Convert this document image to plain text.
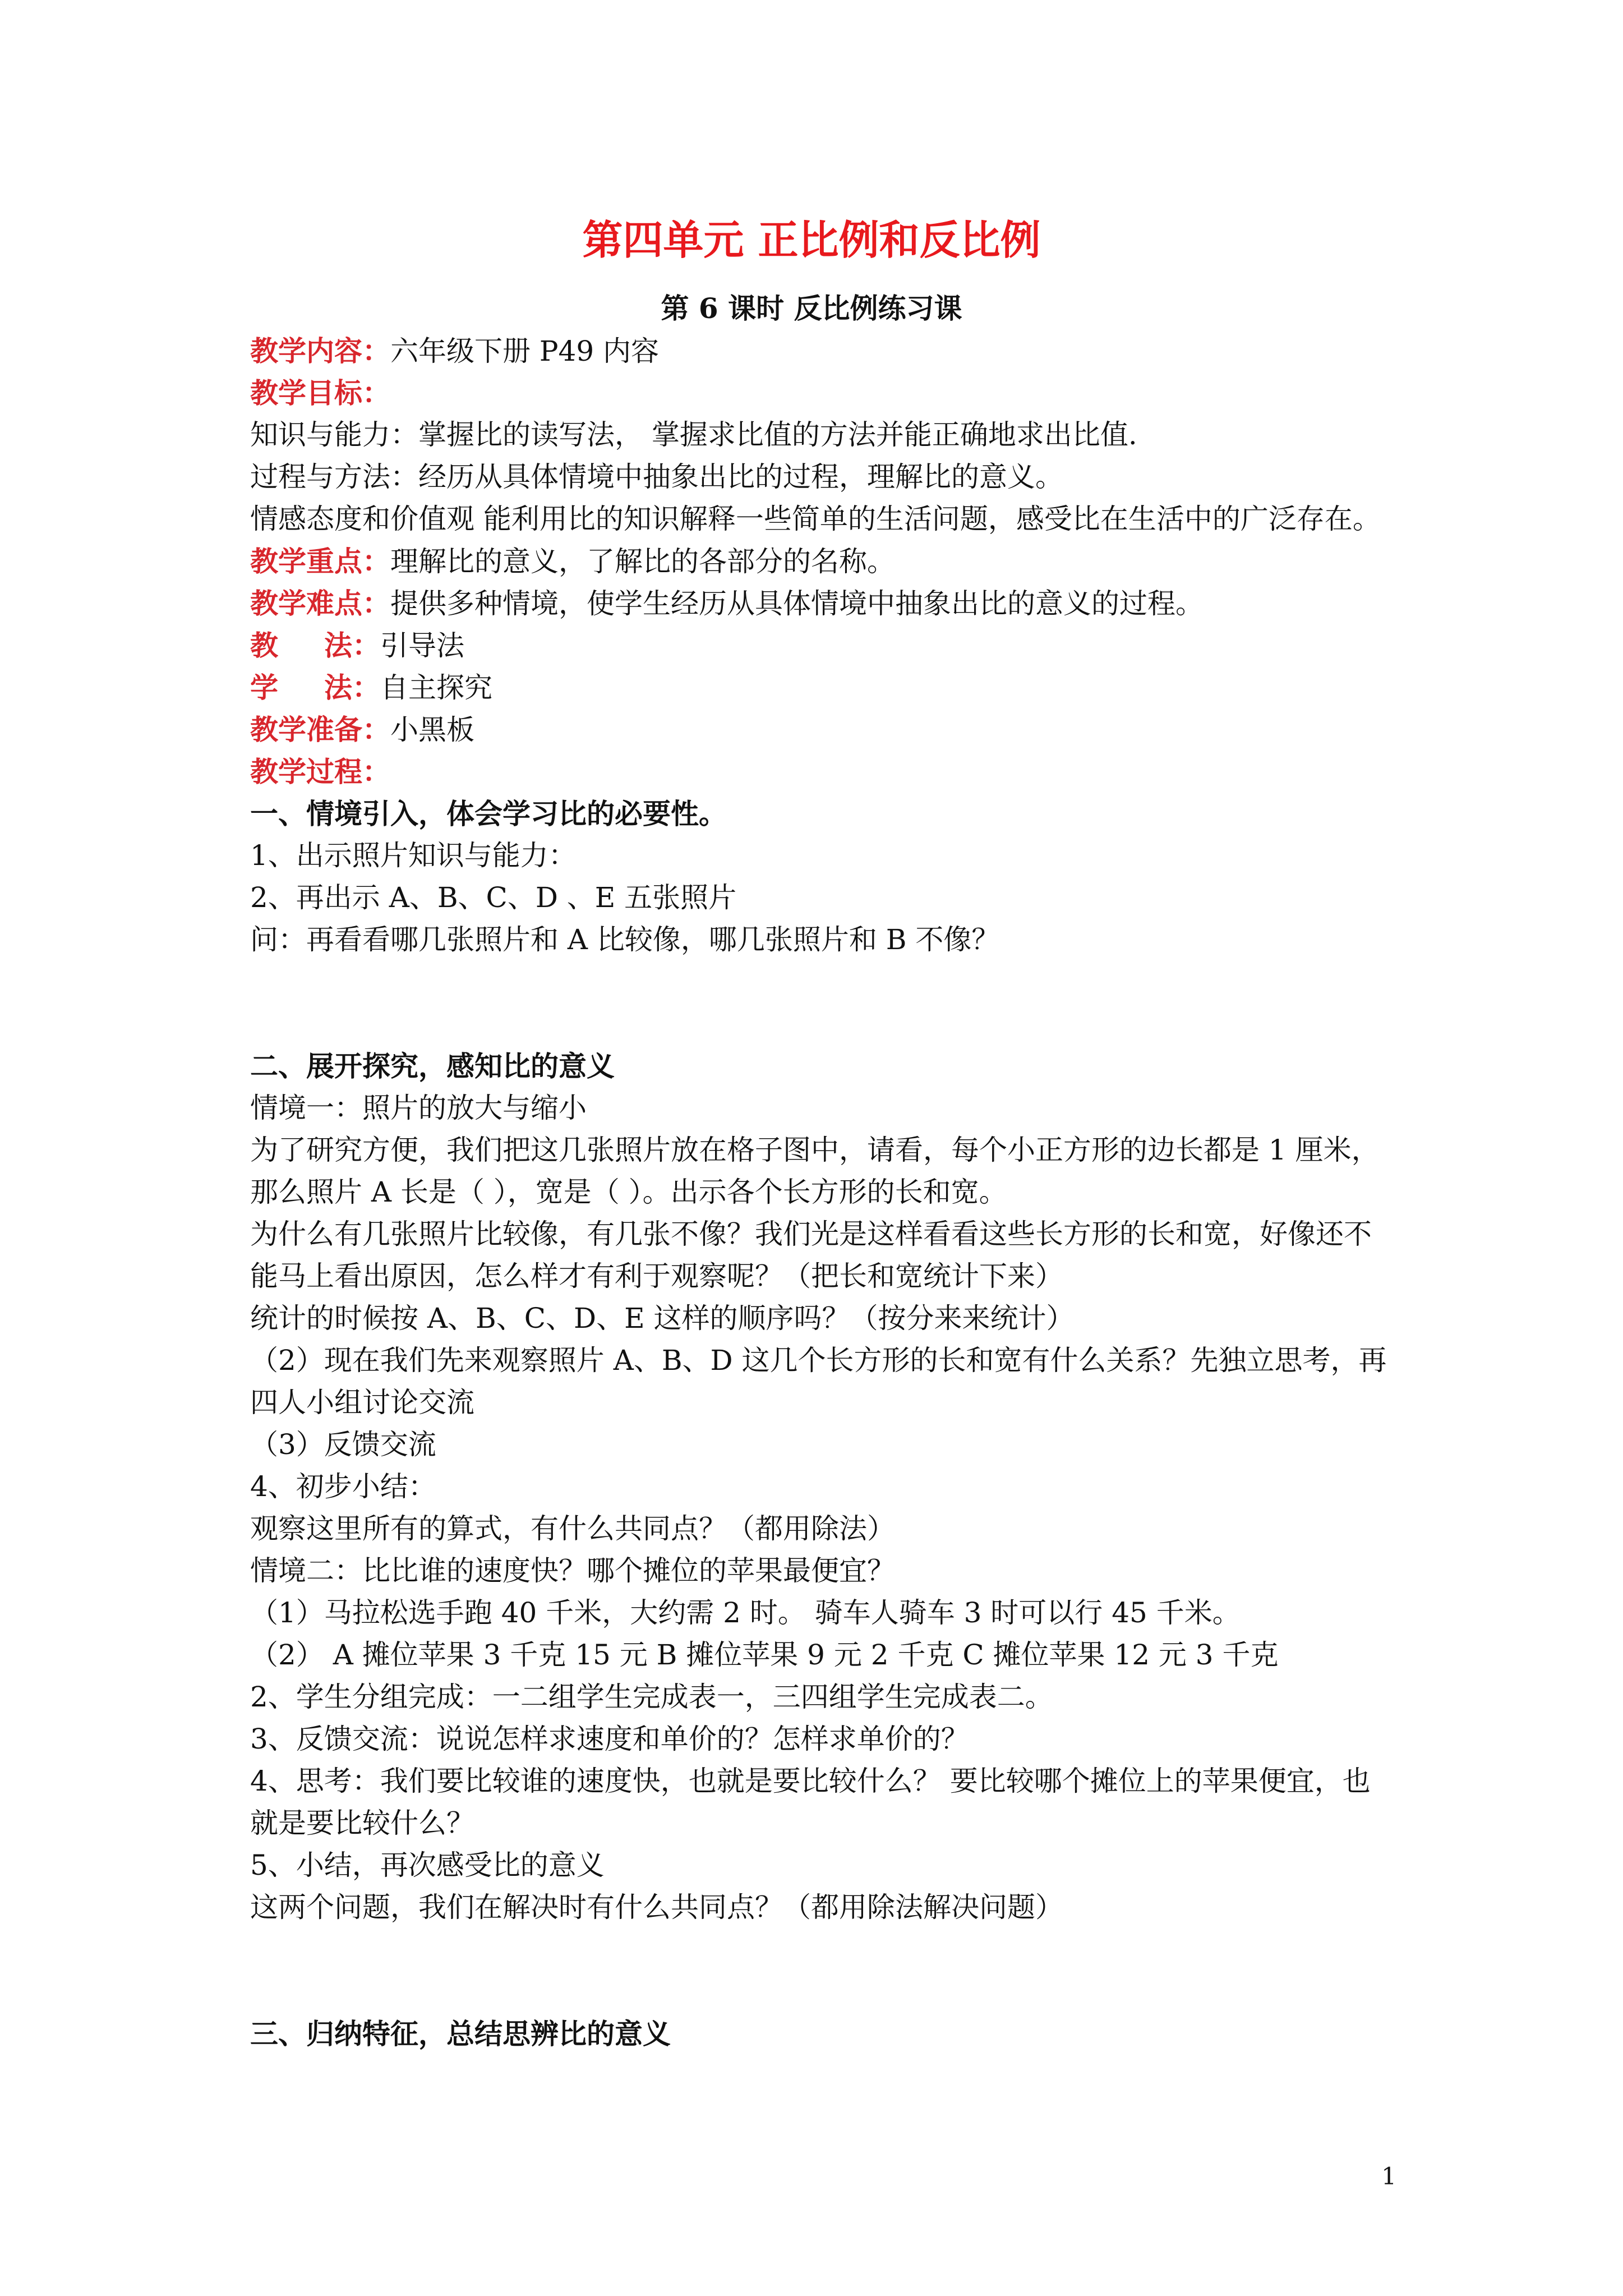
第四单元 正比例和反比例
第 6 课时 反比例练习课
教学内容：六年级下册 P49 内容
教学目标：
知识与能力：掌握比的读写法， 掌握求比值的方法并能正确地求出比值.
过程与方法：经历从具体情境中抽象出比的过程，理解比的意义。
情感态度和价值观 能利用比的知识解释一些简单的生活问题，感受比在生活中的广泛存在。
教学重点：理解比的意义，了解比的各部分的名称。
教学难点：提供多种情境，使学生经历从具体情境中抽象出比的意义的过程。
教 法：引导法
学 法：自主探究
教学准备：小黑板
教学过程：
一、情境引入，体会学习比的必要性。
1、出示照片知识与能力：
2、再出示 A、B、C、D 、E 五张照片
问：再看看哪几张照片和 A 比较像，哪几张照片和 B 不像？
二、展开探究，感知比的意义
情境一：照片的放大与缩小
为了研究方便，我们把这几张照片放在格子图中，请看，每个小正方形的边长都是 1 厘米，
那么照片 A 长是（ ），宽是（ ）。出示各个长方形的长和宽。
为什么有几张照片比较像，有几张不像？我们光是这样看看这些长方形的长和宽，好像还不
能马上看出原因，怎么样才有利于观察呢？（把长和宽统计下来）
统计的时候按 A、B、C、D、E 这样的顺序吗？（按分来来统计）
（2）现在我们先来观察照片 A、B、D 这几个长方形的长和宽有什么关系？先独立思考，再
四人小组讨论交流
（3）反馈交流
4、初步小结：
观察这里所有的算式，有什么共同点？（都用除法）
情境二：比比谁的速度快？哪个摊位的苹果最便宜？
（1）马拉松选手跑 40 千米，大约需 2 时。 骑车人骑车 3 时可以行 45 千米。
（2） A 摊位苹果 3 千克 15 元 B 摊位苹果 9 元 2 千克 C 摊位苹果 12 元 3 千克
2、学生分组完成：一二组学生完成表一，三四组学生完成表二。
3、反馈交流：说说怎样求速度和单价的？怎样求单价的？
4、思考：我们要比较谁的速度快，也就是要比较什么？ 要比较哪个摊位上的苹果便宜，也
就是要比较什么？
5、小结，再次感受比的意义
这两个问题，我们在解决时有什么共同点？（都用除法解决问题）
三、归纳特征，总结思辨比的意义
1
